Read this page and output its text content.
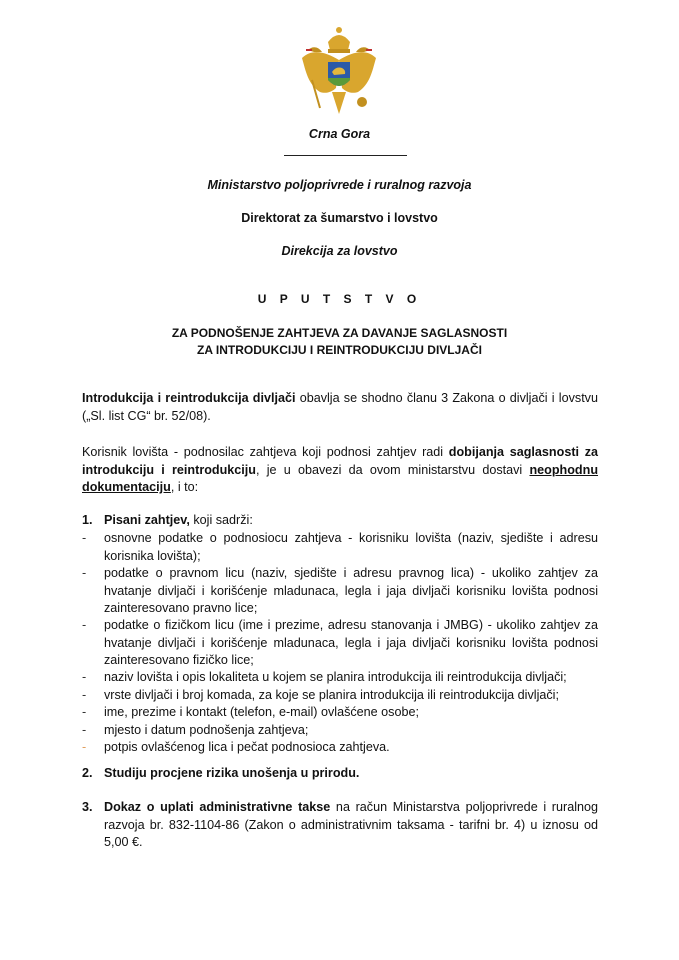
Crna Gora
Ministarstvo poljoprivrede i ruralnog razvoja
Direktorat za šumarstvo i lovstvo
Direkcija za lovstvo
U P U T S T V O
ZA PODNOŠENJE ZAHTJEVA ZA DAVANJE SAGLASNOSTI
ZA INTRODUKCIJU I REINTRODUKCIJU DIVLJAČI
Introdukcija i reintrodukcija divljači obavlja se shodno članu 3 Zakona o divljači i lovstvu („Sl. list CG“ br. 52/08).
Korisnik lovišta - podnosilac zahtjeva koji podnosi zahtjev radi dobijanja saglasnosti za introdukciju i reintrodukciju, je u obavezi da ovom ministarstvu dostavi neophodnu dokumentaciju, i to:
1. Pisani zahtjev, koji sadrži:
- osnovne podatke o podnosiocu zahtjeva - korisniku lovišta (naziv, sjedište i adresu korisnika lovišta);
- podatke o pravnom licu (naziv, sjedište i adresu pravnog lica) - ukoliko zahtjev za hvatanje divljači i korišćenje mladunaca, legla i jaja divljači korisniku lovišta podnosi zainteresovano pravno lice;
- podatke o fizičkom licu (ime i prezime, adresu stanovanja i JMBG) - ukoliko zahtjev za hvatanje divljači i korišćenje mladunaca, legla i jaja divljači korisniku lovišta podnosi zainteresovano fizičko lice;
- naziv lovišta i opis lokaliteta u kojem se planira introdukcija ili reintrodukcija divljači;
- vrste divljači i broj komada, za koje se planira introdukcija ili reintrodukcija divljači;
- ime, prezime i kontakt (telefon, e-mail) ovlašćene osobe;
- mjesto i datum podnošenja zahtjeva;
- potpis ovlašćenog lica i pečat podnosioca zahtjeva.
2. Studiju procjene rizika unošenja u prirodu.
3. Dokaz o uplati administrativne takse na račun Ministarstva poljoprivrede i ruralnog razvoja br. 832-1104-86 (Zakon o administrativnim taksama - tarifni br. 4) u iznosu od 5,00 €.
